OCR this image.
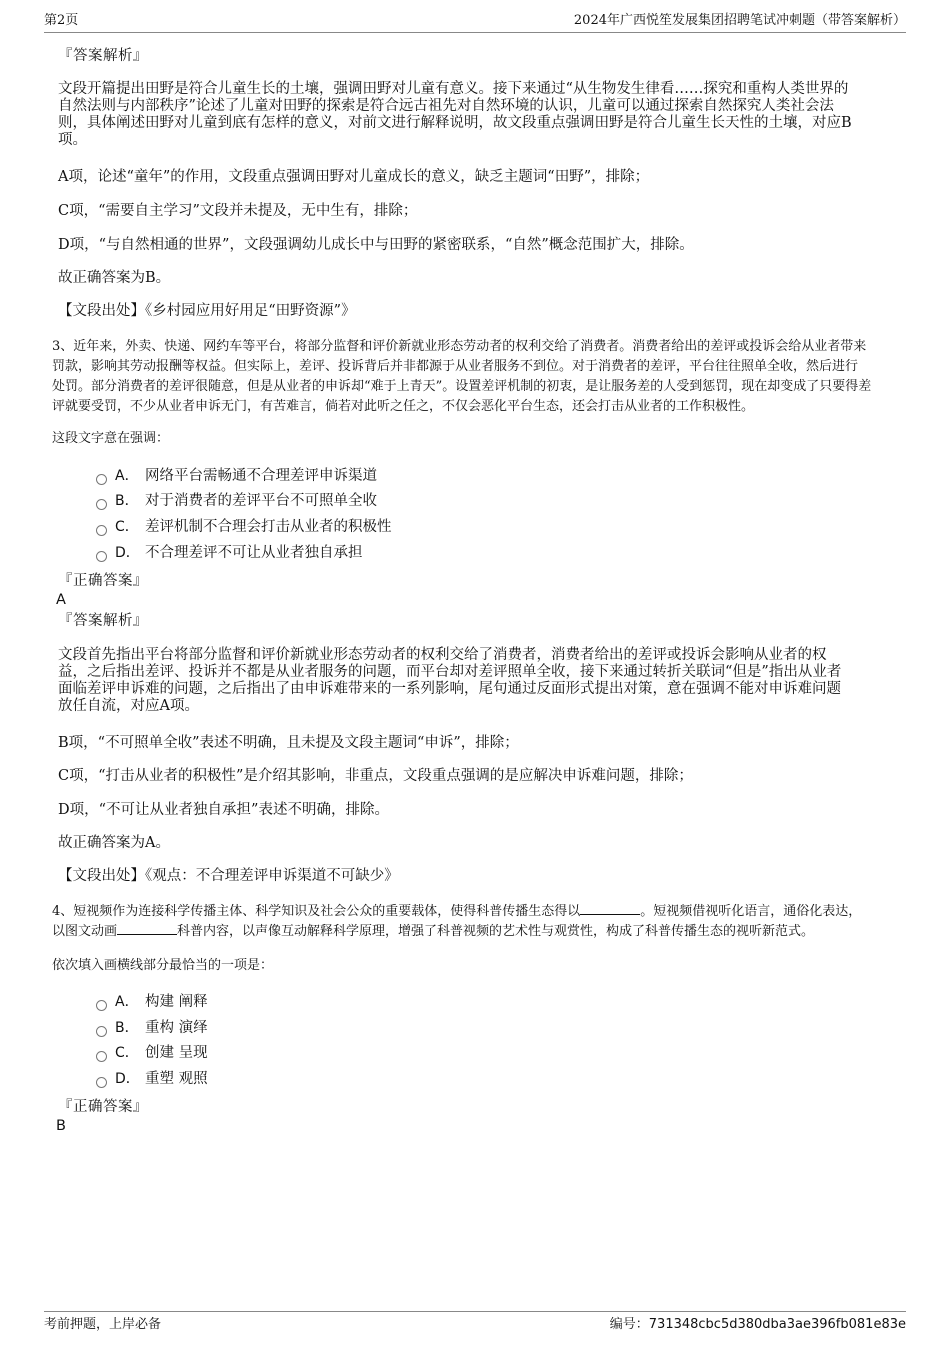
第2页	2024年广西悦笙发展集团招聘笔试冲刺题（带答案解析）
『答案解析』
文段开篇提出田野是符合儿童生长的土壤，强调田野对儿童有意义。接下来通过“从生物发生律看……探究和重构人类世界的
自然法则与内部秩序”论述了儿童对田野的探索是符合远古祖先对自然环境的认识，儿童可以通过探索自然探究人类社会法
则，具体阐述田野对儿童到底有怎样的意义，对前文进行解释说明，故文段重点强调田野是符合儿童生长天性的土壤，对应B
项。
A项，论述“童年”的作用，文段重点强调田野对儿童成长的意义，缺乏主题词“田野”，排除；
C项，“需要自主学习”文段并未提及，无中生有，排除；
D项，“与自然相通的世界”，文段强调幼儿成长中与田野的紧密联系，“自然”概念范围扩大，排除。
故正确答案为B。
【文段出处】《乡村园应用好用足“田野资源”》
3、近年来，外卖、快递、网约车等平台，将部分监督和评价新就业形态劳动者的权利交给了消费者。消费者给出的差评或投诉会给从业者带来
罚款，影响其劳动报酬等权益。但实际上，差评、投诉背后并非都源于从业者服务不到位。对于消费者的差评，平台往往照单全收，然后进行
处罚。部分消费者的差评很随意，但是从业者的申诉却“难于上青天”。设置差评机制的初衷，是让服务差的人受到惩罚，现在却变成了只要得差
评就要受罚，不少从业者申诉无门，有苦难言，倘若对此听之任之，不仅会恶化平台生态，还会打击从业者的工作积极性。
这段文字意在强调：
A． 网络平台需畅通不合理差评申诉渠道
B． 对于消费者的差评平台不可照单全收
C． 差评机制不合理会打击从业者的积极性
D． 不合理差评不可让从业者独自承担
『正确答案』
A
『答案解析』
文段首先指出平台将部分监督和评价新就业形态劳动者的权利交给了消费者，消费者给出的差评或投诉会影响从业者的权
益，之后指出差评、投诉并不都是从业者服务的问题，而平台却对差评照单全收，接下来通过转折关联词“但是”指出从业者
面临差评申诉难的问题，之后指出了由申诉难带来的一系列影响，尾句通过反面形式提出对策，意在强调不能对申诉难问题
放任自流，对应A项。
B项，“不可照单全收”表述不明确，且未提及文段主题词“申诉”，排除；
C项，“打击从业者的积极性”是介绍其影响，非重点，文段重点强调的是应解决申诉难问题，排除；
D项，“不可让从业者独自承担”表述不明确，排除。
故正确答案为A。
【文段出处】《观点：不合理差评申诉渠道不可缺少》
4、短视频作为连接科学传播主体、科学知识及社会公众的重要载体，使得科普传播生态得以	。短视频借视听化语言，通俗化表达，
以图文动画	科普内容，以声像互动解释科学原理，增强了科普视频的艺术性与观赏性，构成了科普传播生态的视听新范式。
依次填入画横线部分最恰当的一项是：
A． 构建 阐释
B． 重构 演绎
C． 创建 呈现
D． 重塑 观照
『正确答案』
B
考前押题，上岸必备	编号：731348cbc5d380dba3ae396fb081e83e
